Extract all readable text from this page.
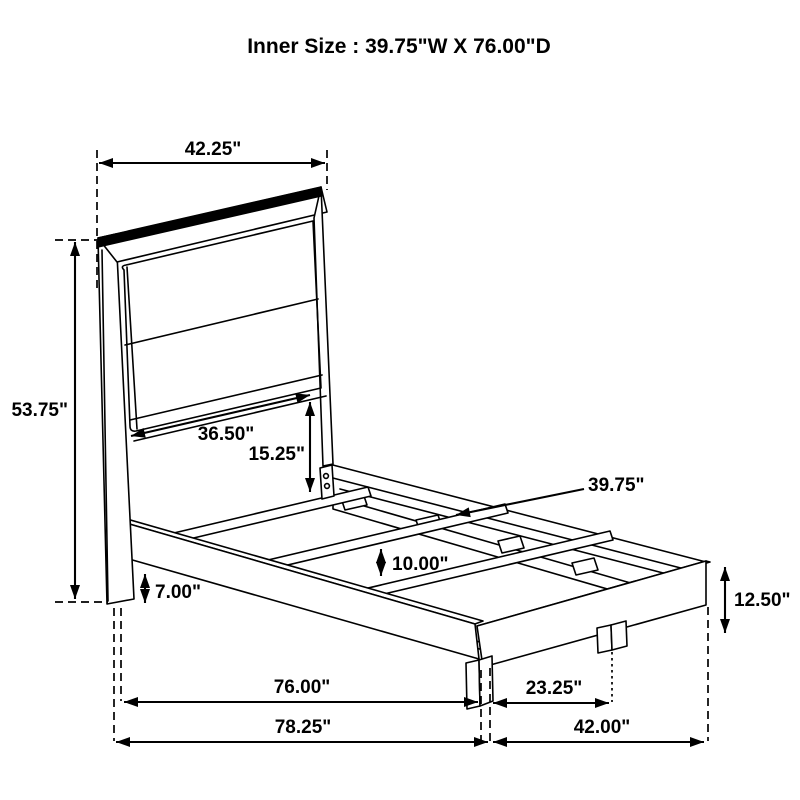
42.25"
53.75"
36.50"
15.25"
39.75"
10.00"
7.00"
76.00"
78.25"
23.25"
42.00"
12.50"
Inner Size : 39.75"W X 76.00"D
